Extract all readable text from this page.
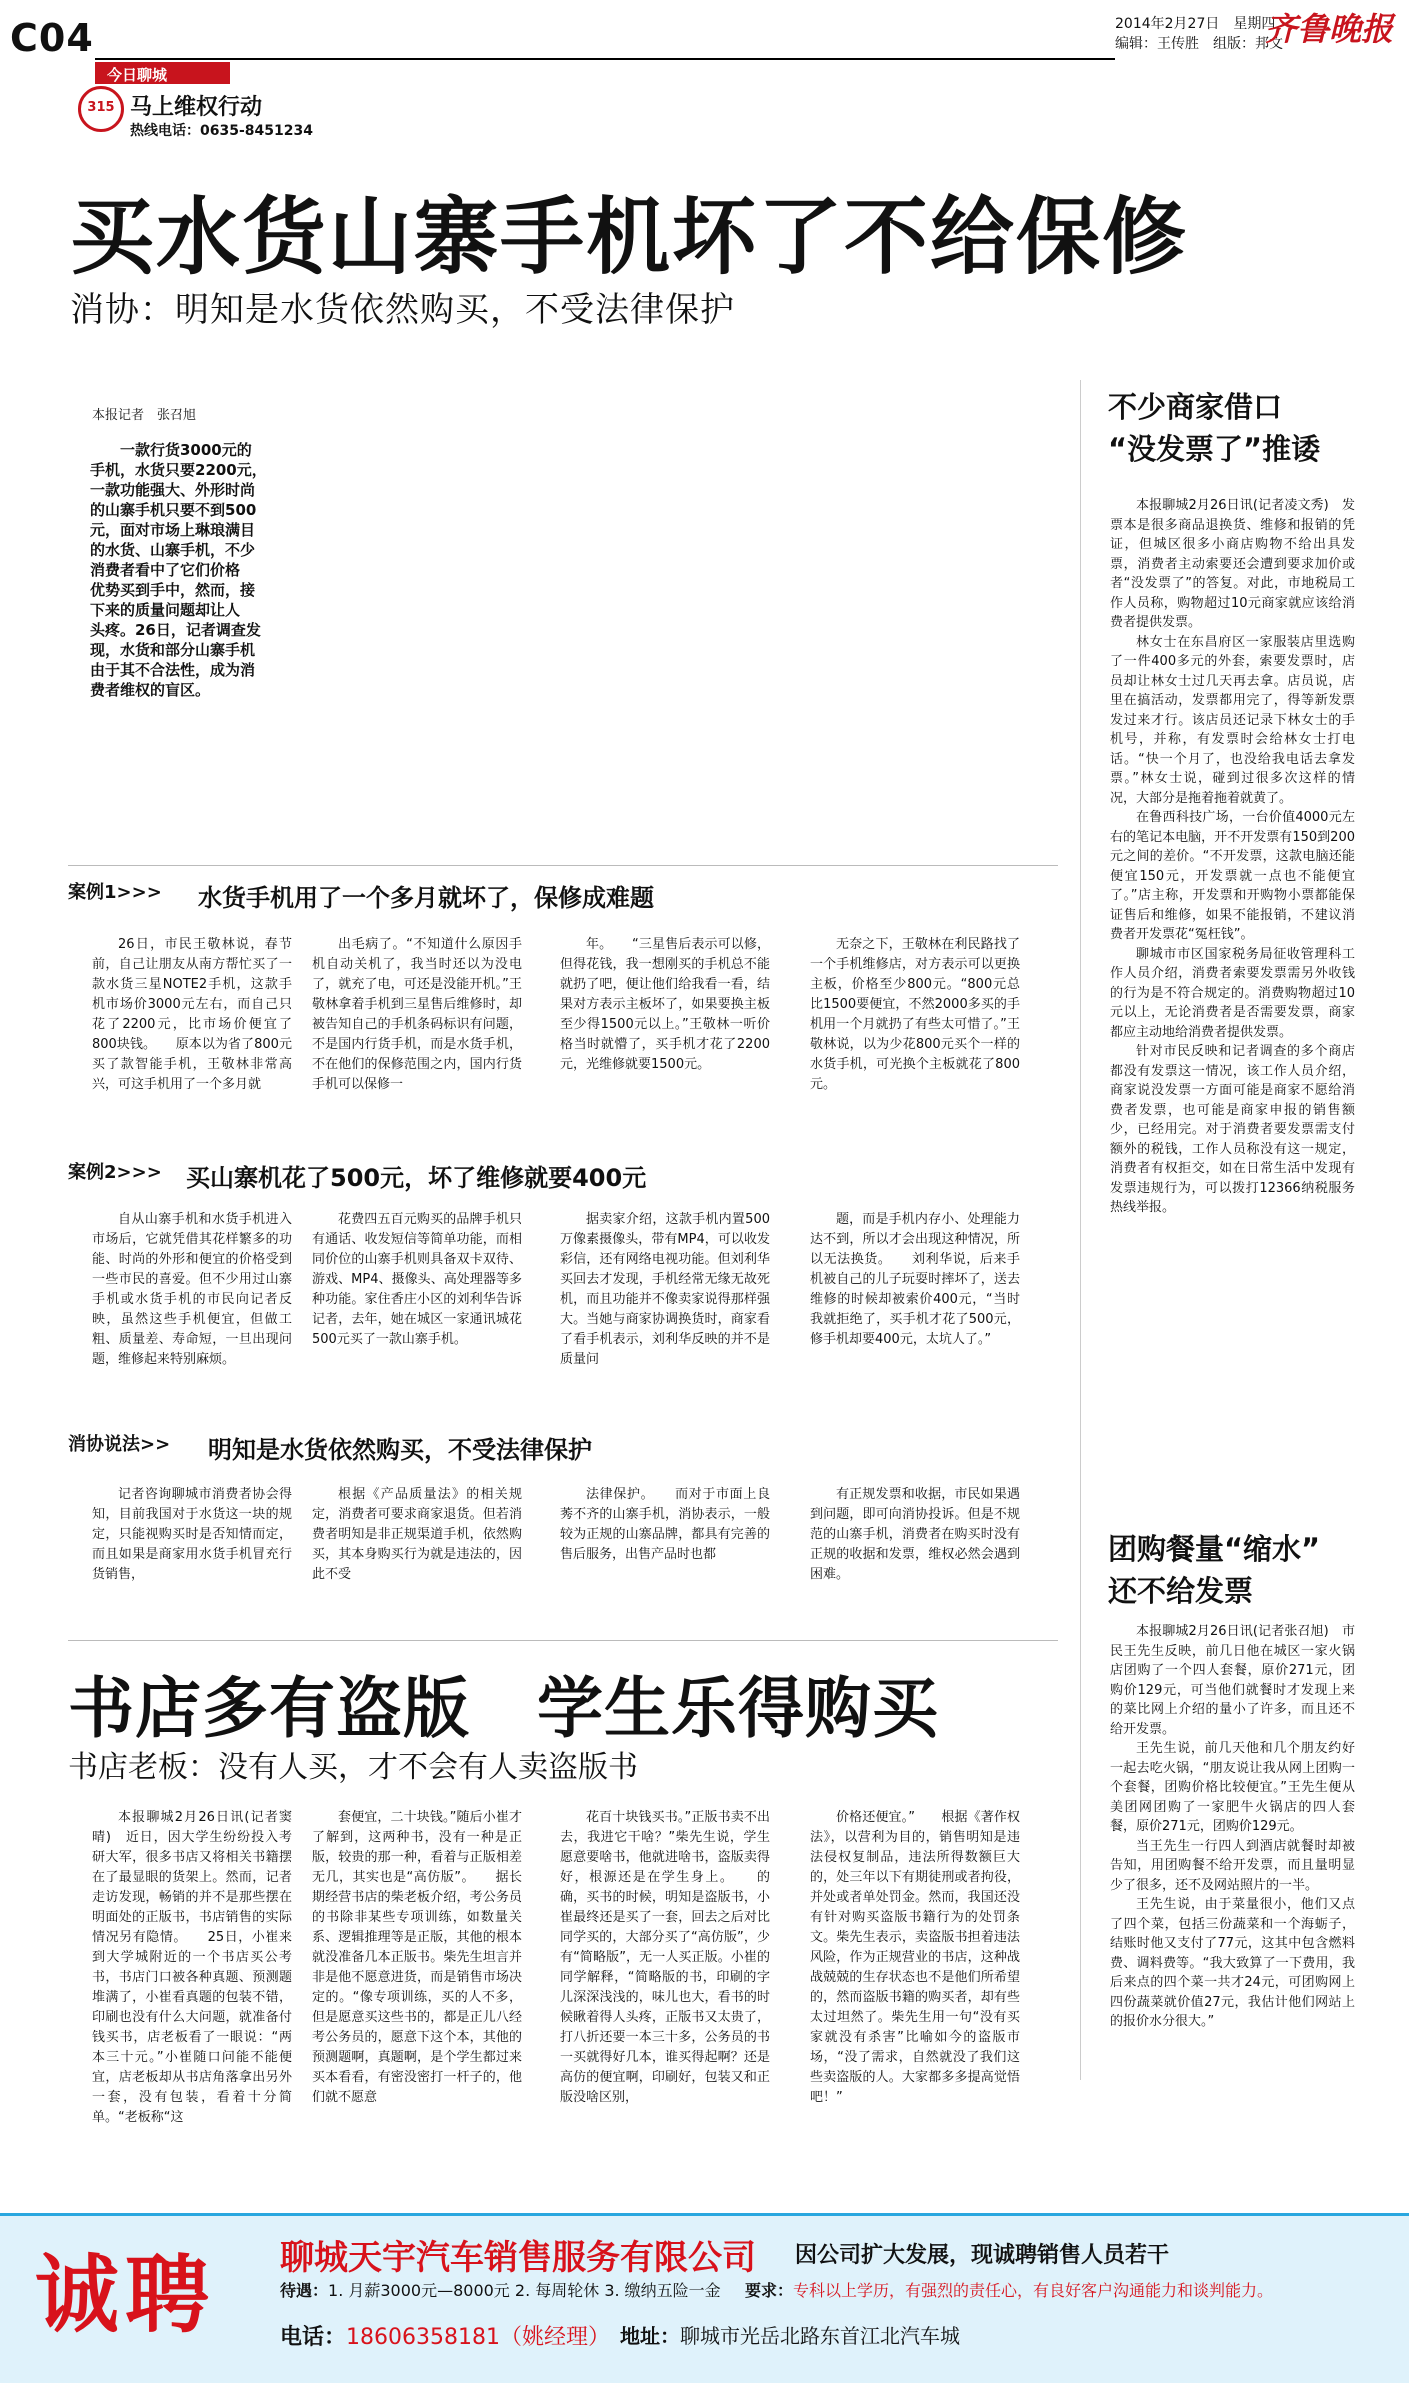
C04	2014年2月27日　星期四
编辑：王传胜　组版：邦文
齐鲁晚报
今日聊城
315 马上维权行动
热线电话：0635-8451234
买水货山寨手机坏了不给保修
消协：明知是水货依然购买，不受法律保护
本报记者　张召旭
一款行货3000元的
手机，水货只要2200元，
一款功能强大、外形时尚
的山寨手机只要不到500
元，面对市场上琳琅满目
的水货、山寨手机，不少
消费者看中了它们价格
优势买到手中，然而，接
下来的质量问题却让人
头疼。26日，记者调查发
现，水货和部分山寨手机
由于其不合法性，成为消
费者维权的盲区。
案例1>>> 水货手机用了一个多月就坏了，保修成难题

26日，市民王敬林说，春节前，自己让朋友从南方帮忙买了一款水货三星NOTE2手机，这款手机市场价3000元左右，而自己只花了2200元，比市场价便宜了800块钱。　　原本以为省了800元买了款智能手机，王敬林非常高兴，可这手机用了一个多月就

出毛病了。“不知道什么原因手机自动关机了，我当时还以为没电了，就充了电，可还是没能开机。”王敬林拿着手机到三星售后维修时，却被告知自己的手机条码标识有问题，不是国内行货手机，而是水货手机，不在他们的保修范围之内，国内行货手机可以保修一

年。　　“三星售后表示可以修，但得花钱，我一想刚买的手机总不能就扔了吧，便让他们给我看一看，结果对方表示主板坏了，如果要换主板至少得1500元以上。”王敬林一听价格当时就懵了，买手机才花了2200元，光维修就要1500元。

无奈之下，王敬林在利民路找了一个手机维修店，对方表示可以更换主板，价格至少800元。“800元总比1500要便宜，不然2000多买的手机用一个月就扔了有些太可惜了。”王敬林说，以为少花800元买个一样的水货手机，可光换个主板就花了800元。

案例2>>> 买山寨机花了500元，坏了维修就要400元

自从山寨手机和水货手机进入市场后，它就凭借其花样繁多的功能、时尚的外形和便宜的价格受到一些市民的喜爱。但不少用过山寨手机或水货手机的市民向记者反映，虽然这些手机便宜，但做工粗、质量差、寿命短，一旦出现问题，维修起来特别麻烦。

花费四五百元购买的品牌手机只有通话、收发短信等简单功能，而相同价位的山寨手机则具备双卡双待、游戏、MP4、摄像头、高处理器等多种功能。家住香庄小区的刘利华告诉记者，去年，她在城区一家通讯城花500元买了一款山寨手机。

据卖家介绍，这款手机内置500万像素摄像头，带有MP4，可以收发彩信，还有网络电视功能。但刘利华买回去才发现，手机经常无缘无故死机，而且功能并不像卖家说得那样强大。当她与商家协调换货时，商家看了看手机表示，刘利华反映的并不是质量问

题，而是手机内存小、处理能力达不到，所以才会出现这种情况，所以无法换货。　　刘利华说，后来手机被自己的儿子玩耍时摔坏了，送去维修的时候却被索价400元，“当时我就拒绝了，买手机才花了500元，修手机却要400元，太坑人了。”

消协说法>> 明知是水货依然购买，不受法律保护

记者咨询聊城市消费者协会得知，目前我国对于水货这一块的规定，只能视购买时是否知情而定，而且如果是商家用水货手机冒充行货销售，

根据《产品质量法》的相关规定，消费者可要求商家退货。但若消费者明知是非正规渠道手机，依然购买，其本身购买行为就是违法的，因此不受

法律保护。　　而对于市面上良莠不齐的山寨手机，消协表示，一般较为正规的山寨品牌，都具有完善的售后服务，出售产品时也都

有正规发票和收据，市民如果遇到问题，即可向消协投诉。但是不规范的山寨手机，消费者在购买时没有正规的收据和发票，维权必然会遇到困难。

书店多有盗版　学生乐得购买
书店老板：没有人买，才不会有人卖盗版书

本报聊城2月26日讯(记者窦晴)　近日，因大学生纷纷投入考研大军，很多书店又将相关书籍摆在了最显眼的货架上。然而，记者走访发现，畅销的并不是那些摆在明面处的正版书，书店销售的实际情况另有隐情。　　25日，小崔来到大学城附近的一个书店买公考书，书店门口被各种真题、预测题堆满了，小崔看真题的包装不错，印刷也没有什么大问题，就准备付钱买书，店老板看了一眼说：“两本三十元。”小崔随口问能不能便宜，店老板却从书店角落拿出另外一套，没有包装，看着十分简单。“老板称“这

套便宜，二十块钱。”随后小崔才了解到，这两种书，没有一种是正版，较贵的那一种，看着与正版相差无几，其实也是“高仿版”。　　据长期经营书店的柴老板介绍，考公务员的书除非某些专项训练，如数量关系、逻辑推理等是正版，其他的根本就没准备几本正版书。柴先生坦言并非是他不愿意进货，而是销售市场决定的。“像专项训练，买的人不多，但是愿意买这些书的，都是正儿八经考公务员的，愿意下这个本，其他的预测题啊，真题啊，是个学生都过来买本看看，有密没密打一杆子的，他们就不愿意

花百十块钱买书。”正版书卖不出去，我进它干啥？”柴先生说，学生愿意要啥书，他就进啥书，盗版卖得好，根源还是在学生身上。　　的确，买书的时候，明知是盗版书，小崔最终还是买了一套，回去之后对比同学买的，大部分买了“高仿版”，少有“简略版”，无一人买正版。小崔的同学解释，“简略版的书，印刷的字儿深深浅浅的，味儿也大，看书的时候瞅着得人头疼，正版书又太贵了，打八折还要一本三十多，公务员的书一买就得好几本，谁买得起啊？还是高仿的便宜啊，印刷好，包装又和正版没啥区别，

价格还便宜。”　　根据《著作权法》，以营利为目的，销售明知是违法侵权复制品，违法所得数额巨大的，处三年以下有期徒刑或者拘役，并处或者单处罚金。然而，我国还没有针对购买盗版书籍行为的处罚条文。柴先生表示，卖盗版书担着违法风险，作为正规营业的书店，这种战战兢兢的生存状态也不是他们所希望的，然而盗版书籍的购买者，却有些太过坦然了。柴先生用一句“没有买家就没有杀害”比喻如今的盗版市场，“没了需求，自然就没了我们这些卖盗版的人。大家都多多提高觉悟吧！”

不少商家借口
“没发票了”推诿

本报聊城2月26日讯(记者凌文秀)　发票本是很多商品退换货、维修和报销的凭证，但城区很多小商店购物不给出具发票，消费者主动索要还会遭到要求加价或者“没发票了”的答复。对此，市地税局工作人员称，购物超过10元商家就应该给消费者提供发票。

林女士在东昌府区一家服装店里选购了一件400多元的外套，索要发票时，店员却让林女士过几天再去拿。店员说，店里在搞活动，发票都用完了，得等新发票发过来才行。该店员还记录下林女士的手机号，并称，有发票时会给林女士打电话。“快一个月了，也没给我电话去拿发票。”林女士说，碰到过很多次这样的情况，大部分是拖着拖着就黄了。

在鲁西科技广场，一台价值4000元左右的笔记本电脑，开不开发票有150到200元之间的差价。“不开发票，这款电脑还能便宜150元，开发票就一点也不能便宜了。”店主称，开发票和开购物小票都能保证售后和维修，如果不能报销，不建议消费者开发票花“冤枉钱”。

聊城市市区国家税务局征收管理科工作人员介绍，消费者索要发票需另外收钱的行为是不符合规定的。消费购物超过10元以上，无论消费者是否需要发票，商家都应主动地给消费者提供发票。

针对市民反映和记者调查的多个商店都没有发票这一情况，该工作人员介绍，商家说没发票一方面可能是商家不愿给消费者发票，也可能是商家申报的销售额少，已经用完。对于消费者要发票需支付额外的税钱，工作人员称没有这一规定，消费者有权拒交，如在日常生活中发现有发票违规行为，可以拨打12366纳税服务热线举报。

团购餐量“缩水”
还不给发票

本报聊城2月26日讯(记者张召旭)　市民王先生反映，前几日他在城区一家火锅店团购了一个四人套餐，原价271元，团购价129元，可当他们就餐时才发现上来的菜比网上介绍的量小了许多，而且还不给开发票。

王先生说，前几天他和几个朋友约好一起去吃火锅，“朋友说让我从网上团购一个套餐，团购价格比较便宜。”王先生便从美团网团购了一家肥牛火锅店的四人套餐，原价271元，团购价129元。

当王先生一行四人到酒店就餐时却被告知，用团购餐不给开发票，而且量明显少了很多，还不及网站照片的一半。

王先生说，由于菜量很小，他们又点了四个菜，包括三份蔬菜和一个海蛎子，结账时他又支付了77元，这其中包含燃料费、调料费等。“我大致算了一下费用，我后来点的四个菜一共才24元，可团购网上四份蔬菜就价值27元，我估计他们网站上的报价水分很大。”

诚聘 聊城天宇汽车销售服务有限公司 因公司扩大发展，现诚聘销售人员若干
待遇：1. 月薪3000元—8000元 2. 每周轮休 3. 缴纳五险一金 要求：专科以上学历，有强烈的责任心，有良好客户沟通能力和谈判能力。
电话：18606358181（姚经理） 地址：聊城市光岳北路东首江北汽车城
